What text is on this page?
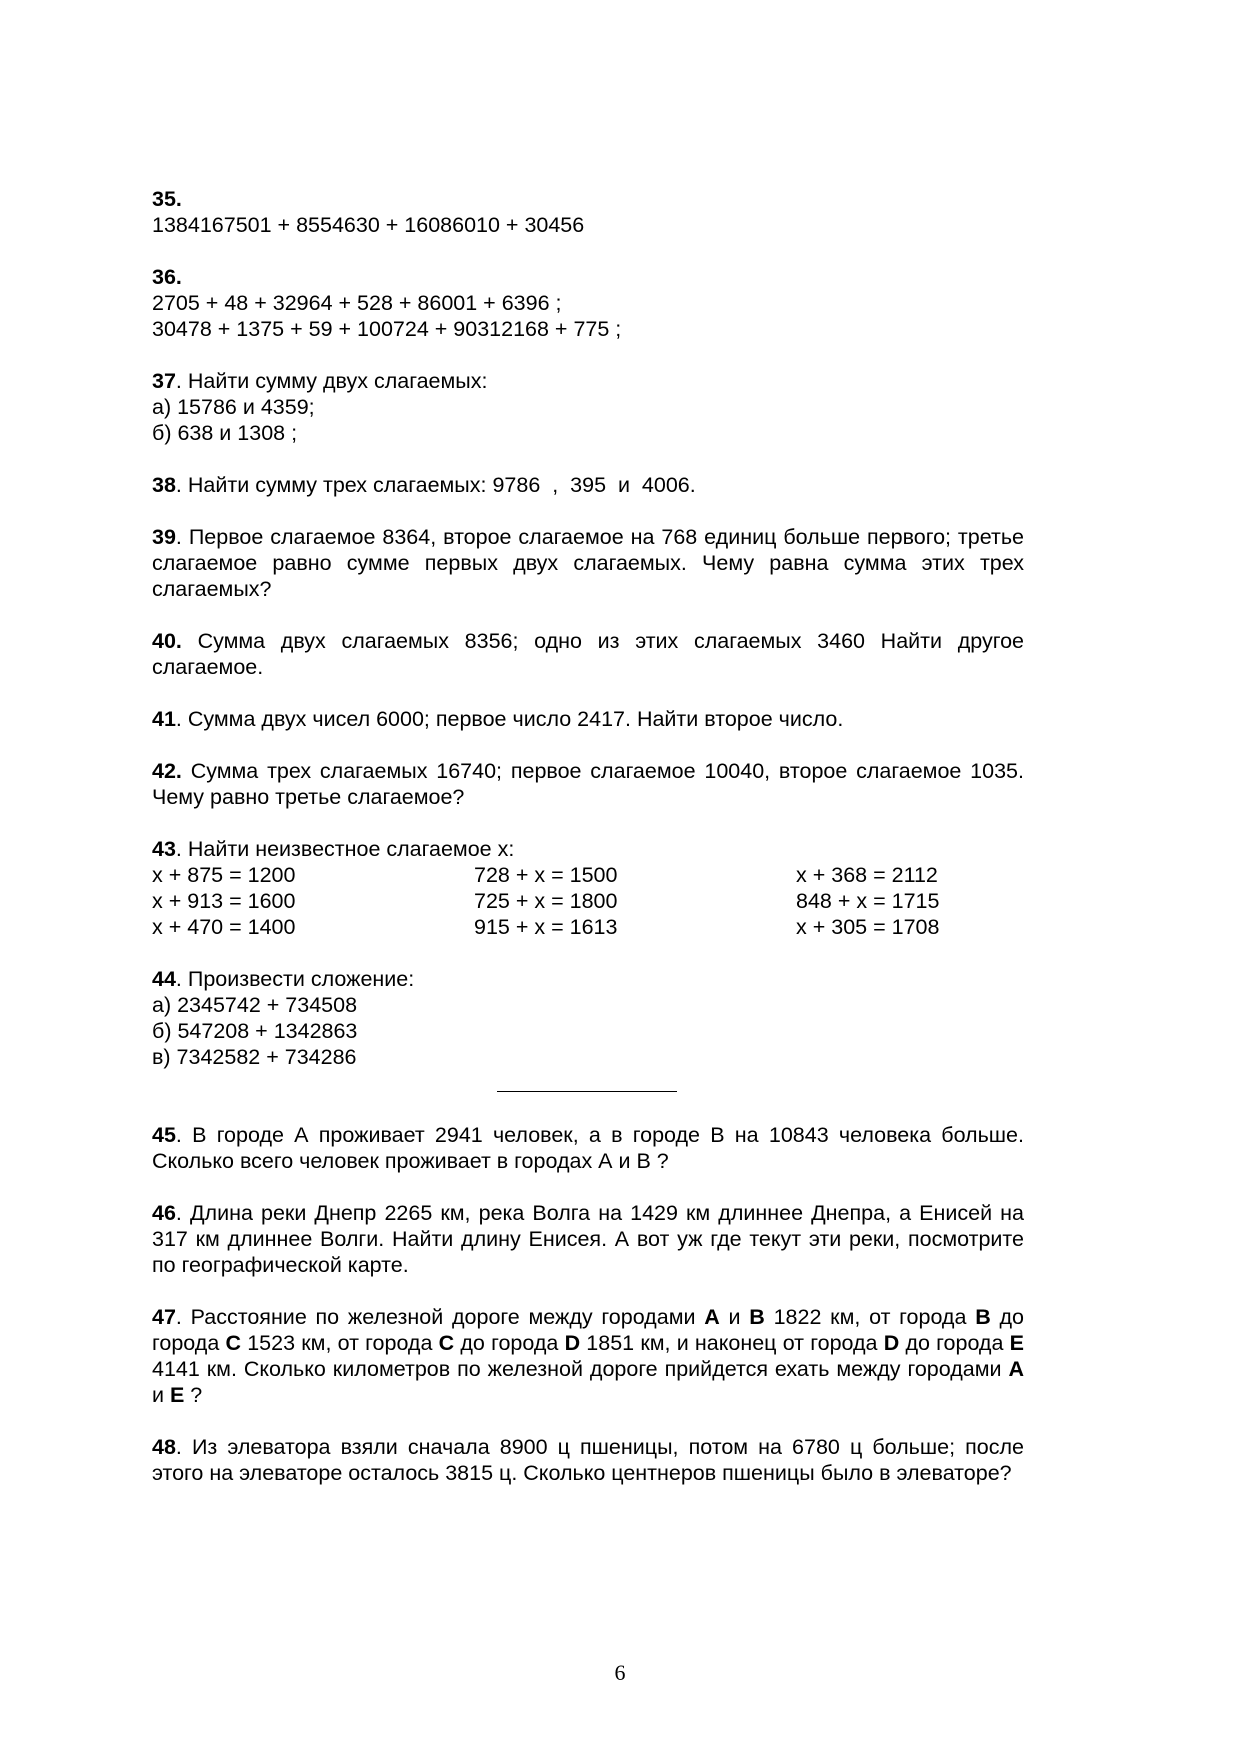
35.
1384167501 + 8554630 + 16086010 + 30456
36.
2705 + 48 + 32964 + 528 + 86001 + 6396 ;
30478 + 1375 + 59 + 100724 + 90312168 + 775 ;
37. Найти сумму двух слагаемых:
а) 15786 и 4359;
б) 638 и 1308 ;
38. Найти сумму трех слагаемых: 9786  ,  395  и  4006.
39. Первое слагаемое 8364, второе слагаемое на 768 единиц больше первого; третье слагаемое равно сумме первых двух слагаемых. Чему равна сумма этих трех слагаемых?
40. Сумма двух слагаемых 8356; одно из этих слагаемых 3460 Найти другое слагаемое.
41. Сумма двух чисел 6000; первое число 2417. Найти второе число.
42. Сумма трех слагаемых 16740; первое слагаемое 10040, второе слагаемое 1035. Чему равно третье слагаемое?
43. Найти неизвестное слагаемое x:
x + 875 = 1200	728 + x = 1500	x + 368 = 2112
x + 913 = 1600	725 + x = 1800	848 + x = 1715
x + 470 = 1400	915 + x = 1613	x + 305 = 1708
44. Произвести сложение:
а) 2345742 + 734508
б) 547208 + 1342863
в) 7342582 + 734286
45. В городе А проживает 2941 человек, а в городе В на 10843 человека больше. Сколько всего человек проживает в городах А и В ?
46. Длина реки Днепр 2265 км, река Волга на 1429 км длиннее Днепра, а Енисей на 317 км длиннее Волги. Найти длину Енисея. А вот уж где текут эти реки, посмотрите по географической карте.
47. Расстояние по железной дороге между городами A и B 1822 км, от города B до города C 1523 км, от города C до города D 1851 км, и наконец от города D до города E 4141 км. Сколько километров по железной дороге прийдется ехать между городами A и E ?
48. Из элеватора взяли сначала 8900 ц пшеницы, потом на 6780 ц больше; после этого на элеваторе осталось 3815 ц. Сколько центнеров пшеницы было в элеваторе?
6
